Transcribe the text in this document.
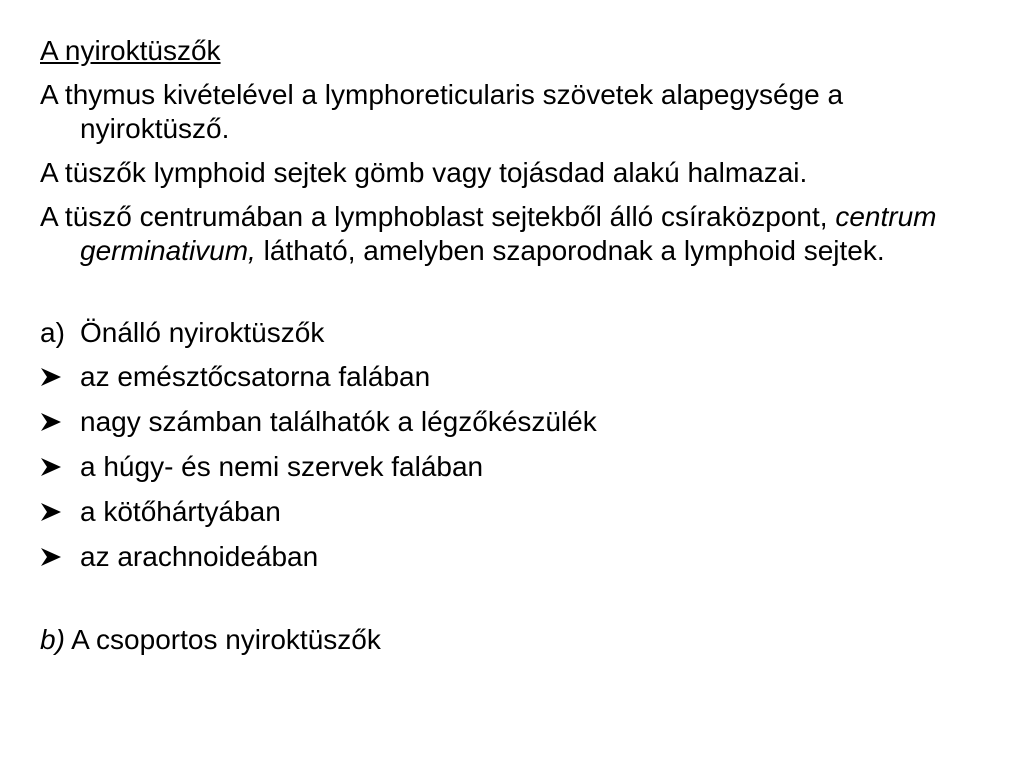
A nyiroktüszők
A thymus kivételével a lymphoreticularis szövetek alapegysége a nyiroktüsző.
A tüszők lymphoid sejtek gömb vagy tojásdad alakú halmazai.
A tüsző centrumában a lymphoblast sejtekből álló csíraközpont, centrum germinativum, látható, amelyben szaporodnak a lymphoid sejtek.
a) Önálló nyiroktüszők
az emésztőcsatorna falában
nagy számban találhatók a légzőkészülék
a húgy- és nemi szervek falában
a kötőhártyában
az arachnoideában
b) A csoportos nyiroktüszők
